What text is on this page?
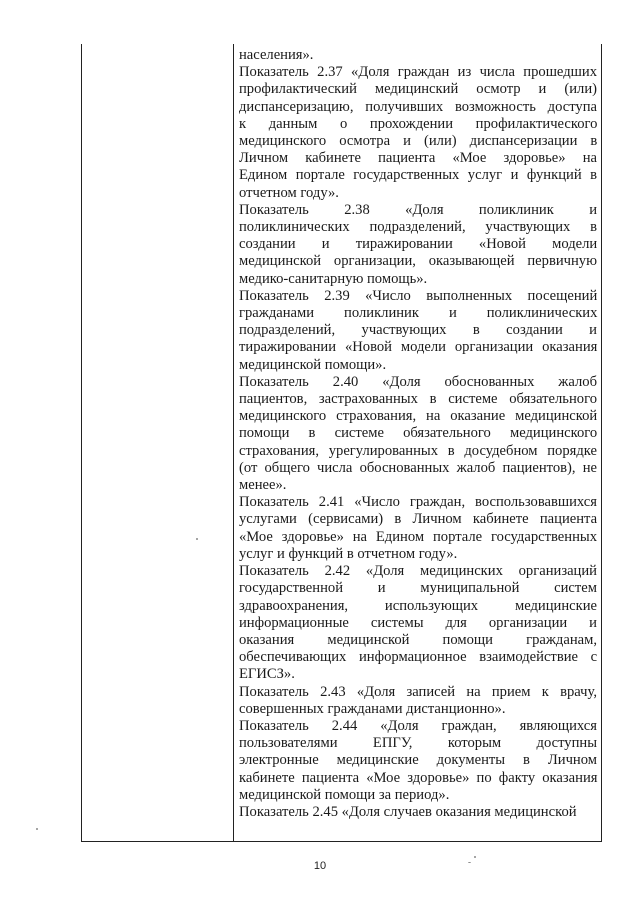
населения».
Показатель 2.37 «Доля граждан из числа прошедших
профилактический медицинский осмотр и (или)
диспансеризацию, получивших возможность доступа
к данным о прохождении профилактического
медицинского осмотра и (или) диспансеризации в
Личном кабинете пациента «Мое здоровье» на
Едином портале государственных услуг и функций в
отчетном году».
Показатель 2.38 «Доля поликлиник и
поликлинических подразделений, участвующих в
создании и тиражировании «Новой модели
медицинской организации, оказывающей первичную
медико-санитарную помощь».
Показатель 2.39 «Число выполненных посещений
гражданами поликлиник и поликлинических
подразделений, участвующих в создании и
тиражировании «Новой модели организации оказания
медицинской помощи».
Показатель 2.40 «Доля обоснованных жалоб
пациентов, застрахованных в системе обязательного
медицинского страхования, на оказание медицинской
помощи в системе обязательного медицинского
страхования, урегулированных в досудебном порядке
(от общего числа обоснованных жалоб пациентов), не
менее».
Показатель 2.41 «Число граждан, воспользовавшихся
услугами (сервисами) в Личном кабинете пациента
«Мое здоровье» на Едином портале государственных
услуг и функций в отчетном году».
Показатель 2.42 «Доля медицинских организаций
государственной и муниципальной систем
здравоохранения, использующих медицинские
информационные системы для организации и
оказания медицинской помощи гражданам,
обеспечивающих информационное взаимодействие с
ЕГИСЗ».
Показатель 2.43 «Доля записей на прием к врачу,
совершенных гражданами дистанционно».
Показатель 2.44 «Доля граждан, являющихся
пользователями ЕПГУ, которым доступны
электронные медицинские документы в Личном
кабинете пациента «Мое здоровье» по факту оказания
медицинской помощи за период».
Показатель 2.45 «Доля случаев оказания медицинской
10
